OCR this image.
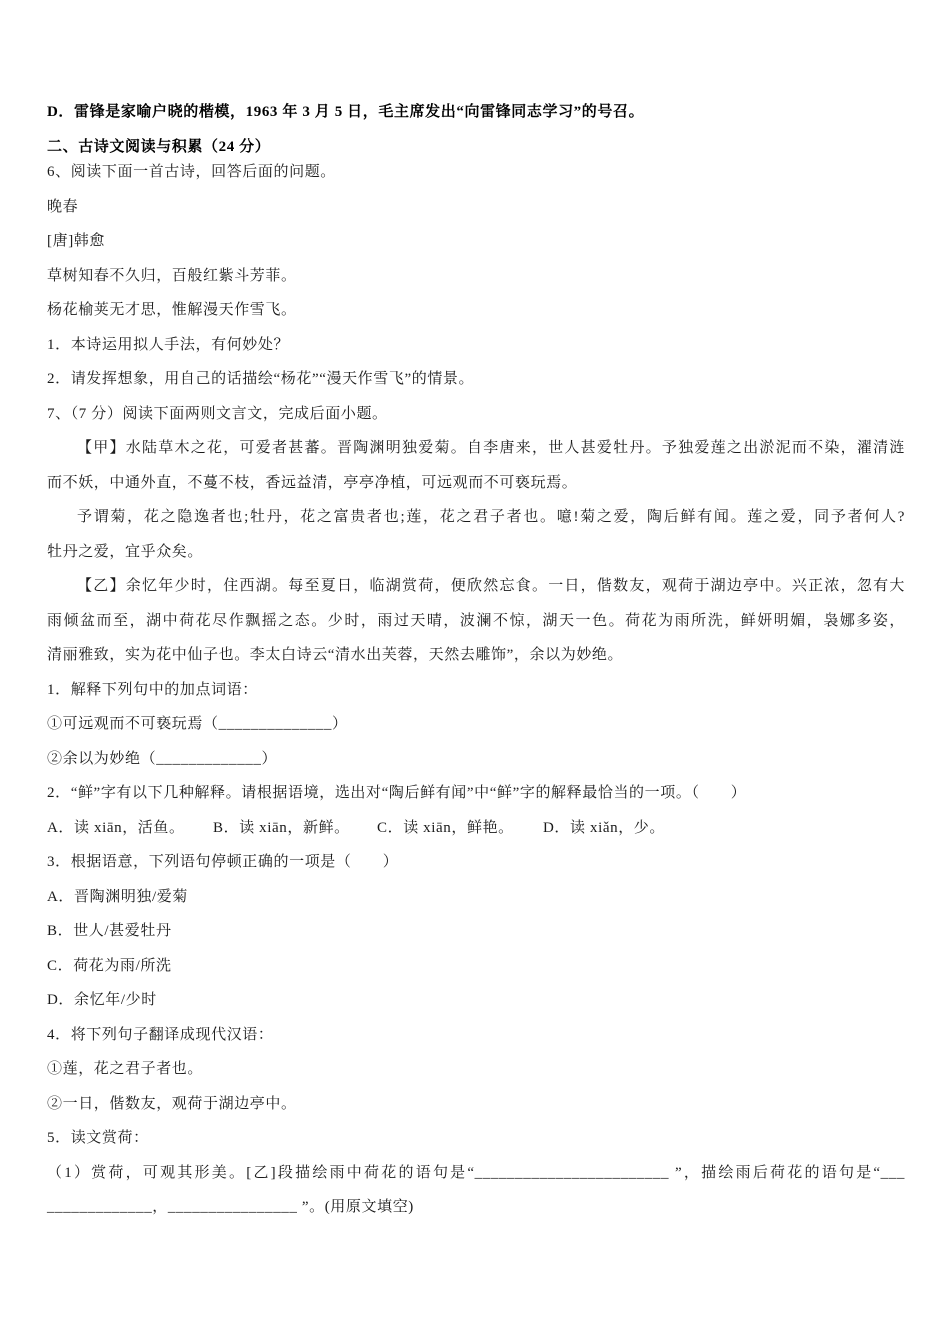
D．雷锋是家喻户晓的楷模，1963 年 3 月 5 日，毛主席发出“向雷锋同志学习”的号召。
二、古诗文阅读与积累（24 分）
6、阅读下面一首古诗，回答后面的问题。
晚春
[唐]韩愈
草树知春不久归，百般红紫斗芳菲。
杨花榆荚无才思，惟解漫天作雪飞。
1．本诗运用拟人手法，有何妙处？
2．请发挥想象，用自己的话描绘“杨花”“漫天作雪飞”的情景。
7、（7 分）阅读下面两则文言文，完成后面小题。
【甲】水陆草木之花，可爱者甚蕃。晋陶渊明独爱菊。自李唐来，世人甚爱牡丹。予独爱莲之出淤泥而不染，濯清涟
而不妖，中通外直，不蔓不枝，香远益清，亭亭净植，可远观而不可亵玩焉。
予谓菊，花之隐逸者也;牡丹，花之富贵者也;莲，花之君子者也。噫!菊之爱，陶后鲜有闻。莲之爱，同予者何人?
牡丹之爱，宜乎众矣。
【乙】余忆年少时，住西湖。每至夏日，临湖赏荷，便欣然忘食。一日，偕数友，观荷于湖边亭中。兴正浓，忽有大
雨倾盆而至，湖中荷花尽作飘摇之态。少时，雨过天晴，波澜不惊，湖天一色。荷花为雨所洗，鲜妍明媚，袅娜多姿，
清丽雅致，实为花中仙子也。李太白诗云“清水出芙蓉，天然去雕饰”，余以为妙绝。
1．解释下列句中的加点词语：
①可远观而不可亵玩焉（______________）
②余以为妙绝（_____________）
2．“鲜”字有以下几种解释。请根据语境，选出对“陶后鲜有闻”中“鲜”字的解释最恰当的一项。（　　）
A．读 xiān，活鱼。 B．读 xiān，新鲜。 C．读 xiān，鲜艳。 D．读 xiǎn，少。
3．根据语意，下列语句停顿正确的一项是（　　）
A．晋陶渊明独/爱菊
B．世人/甚爱牡丹
C．荷花为雨/所洗
D．余忆年/少时
4．将下列句子翻译成现代汉语：
①莲，花之君子者也。
②一日，偕数友，观荷于湖边亭中。
5．读文赏荷：
（1）赏荷，可观其形美。[乙]段描绘雨中荷花的语句是“________________________ ”，描绘雨后荷花的语句是“___
_____________，________________ ”。(用原文填空)
